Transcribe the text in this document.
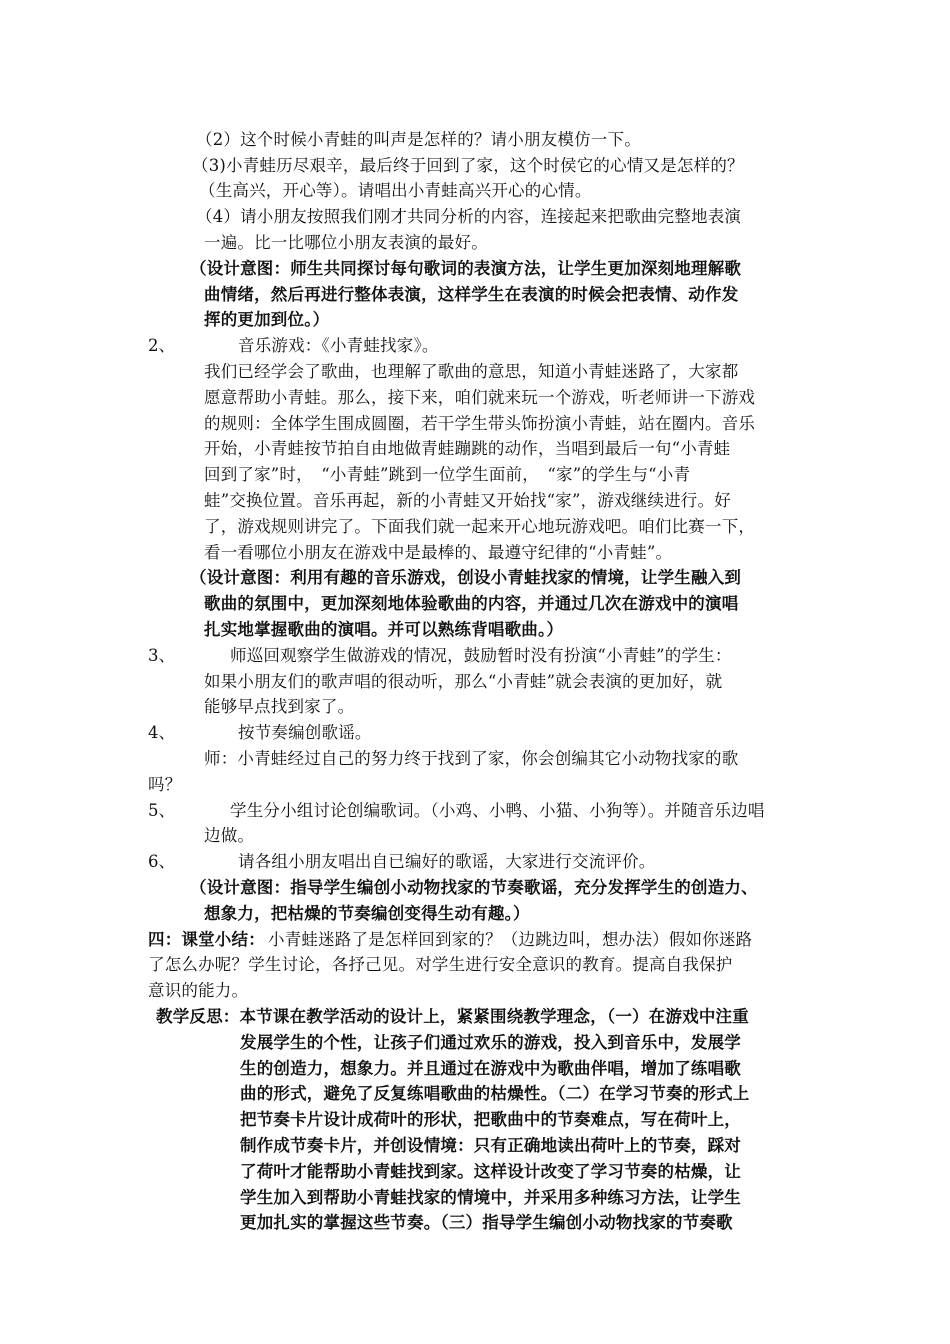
（2）这个时候小青蛙的叫声是怎样的？请小朋友模仿一下。
（3)小青蛙历尽艰辛，最后终于回到了家，这个时侯它的心情又是怎样的？
（生高兴，开心等）。请唱出小青蛙高兴开心的心情。
（4）请小朋友按照我们刚才共同分析的内容，连接起来把歌曲完整地表演
一遍。比一比哪位小朋友表演的最好。
（设计意图：师生共同探讨每句歌词的表演方法，让学生更加深刻地理解歌
曲情绪，然后再进行整体表演，这样学生在表演的时候会把表情、动作发
挥的更加到位。）
2、	音乐游戏：《小青蛙找家》。
我们已经学会了歌曲，也理解了歌曲的意思，知道小青蛙迷路了，大家都
愿意帮助小青蛙。那么，接下来，咱们就来玩一个游戏，听老师讲一下游戏
的规则：全体学生围成圆圈，若干学生带头饰扮演小青蛙，站在圈内。音乐
开始，小青蛙按节拍自由地做青蛙蹦跳的动作，当唱到最后一句“小青蛙
回到了家”时，　“小青蛙”跳到一位学生面前，　“家”的学生与“小青
蛙”交换位置。音乐再起，新的小青蛙又开始找“家”，游戏继续进行。好
了，游戏规则讲完了。下面我们就一起来开心地玩游戏吧。咱们比赛一下，
看一看哪位小朋友在游戏中是最棒的、最遵守纪律的“小青蛙”。
（设计意图：利用有趣的音乐游戏，创设小青蛙找家的情境，让学生融入到
歌曲的氛围中，更加深刻地体验歌曲的内容，并通过几次在游戏中的演唱
扎实地掌握歌曲的演唱。并可以熟练背唱歌曲。）
3、	师巡回观察学生做游戏的情况，鼓励暂时没有扮演“小青蛙”的学生：
如果小朋友们的歌声唱的很动听，那么“小青蛙”就会表演的更加好，就
能够早点找到家了。
4、	按节奏编创歌谣。
师：小青蛙经过自己的努力终于找到了家，你会创编其它小动物找家的歌
吗？
5、	学生分小组讨论创编歌词。（小鸡、小鸭、小猫、小狗等）。并随音乐边唱
边做。
6、	请各组小朋友唱出自已编好的歌谣，大家进行交流评价。
（设计意图：指导学生编创小动物找家的节奏歌谣，充分发挥学生的创造力、
想象力，把枯燥的节奏编创变得生动有趣。）
四：课堂小结： 小青蛙迷路了是怎样回到家的？（边跳边叫，想办法）假如你迷路
了怎么办呢？学生讨论，各抒己见。对学生进行安全意识的教育。提高自我保护
意识的能力。
教学反思：本节课在教学活动的设计上，紧紧围绕教学理念，（一）在游戏中注重
发展学生的个性，让孩子们通过欢乐的游戏，投入到音乐中，发展学
生的创造力，想象力。并且通过在游戏中为歌曲伴唱，增加了练唱歌
曲的形式，避免了反复练唱歌曲的枯燥性。（二）在学习节奏的形式上
把节奏卡片设计成荷叶的形状，把歌曲中的节奏难点，写在荷叶上，
制作成节奏卡片，并创设情境：只有正确地读出荷叶上的节奏，踩对
了荷叶才能帮助小青蛙找到家。这样设计改变了学习节奏的枯燥，让
学生加入到帮助小青蛙找家的情境中，并采用多种练习方法，让学生
更加扎实的掌握这些节奏。（三）指导学生编创小动物找家的节奏歌
